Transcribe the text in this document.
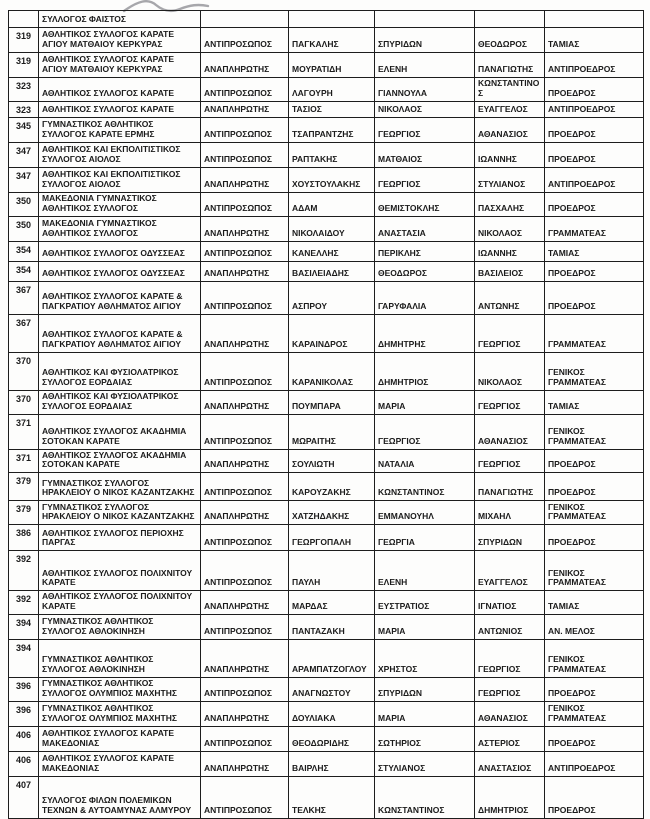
	ΣΥΛΛΟΓΟΣ ΦΑΙΣΤΟΣ					
319	ΑΘΛΗΤΙΚΟΣ ΣΥΛΛΟΓΟΣ ΚΑΡΑΤΕ ΑΓΙΟΥ ΜΑΤΘΑΙΟΥ ΚΕΡΚΥΡΑΣ	ΑΝΤΙΠΡΟΣΩΠΟΣ	ΠΑΓΚΑΛΗΣ	ΣΠΥΡΙΔΩΝ	ΘΕΟΔΩΡΟΣ	ΤΑΜΙΑΣ
319	ΑΘΛΗΤΙΚΟΣ ΣΥΛΛΟΓΟΣ ΚΑΡΑΤΕ ΑΓΙΟΥ ΜΑΤΘΑΙΟΥ ΚΕΡΚΥΡΑΣ	ΑΝΑΠΛΗΡΩΤΗΣ	ΜΟΥΡΑΤΙΔΗ	ΕΛΕΝΗ	ΠΑΝΑΓΙΩΤΗΣ	ΑΝΤΙΠΡΟΕΔΡΟΣ
323	ΑΘΛΗΤΙΚΟΣ ΣΥΛΛΟΓΟΣ ΚΑΡΑΤΕ	ΑΝΤΙΠΡΟΣΩΠΟΣ	ΛΑΓΟΥΡΗ	ΓΙΑΝΝΟΥΛΑ	ΚΩΝΣΤΑΝΤΙΝΟΣ	ΠΡΟΕΔΡΟΣ
323	ΑΘΛΗΤΙΚΟΣ ΣΥΛΛΟΓΟΣ ΚΑΡΑΤΕ	ΑΝΑΠΛΗΡΩΤΗΣ	ΤΑΣΙΟΣ	ΝΙΚΟΛΑΟΣ	ΕΥΑΓΓΕΛΟΣ	ΑΝΤΙΠΡΟΕΔΡΟΣ
345	ΓΥΜΝΑΣΤΙΚΟΣ ΑΘΛΗΤΙΚΟΣ ΣΥΛΛΟΓΟΣ ΚΑΡΑΤΕ ΕΡΜΗΣ	ΑΝΤΙΠΡΟΣΩΠΟΣ	ΤΣΑΠΡΑΝΤΖΗΣ	ΓΕΩΡΓΙΟΣ	ΑΘΑΝΑΣΙΟΣ	ΠΡΟΕΔΡΟΣ
347	ΑΘΛΗΤΙΚΟΣ ΚΑΙ ΕΚΠΟΛΙΤΙΣΤΙΚΟΣ ΣΥΛΛΟΓΟΣ ΑΙΟΛΟΣ	ΑΝΤΙΠΡΟΣΩΠΟΣ	ΡΑΠΤΑΚΗΣ	ΜΑΤΘΑΙΟΣ	ΙΩΑΝΝΗΣ	ΠΡΟΕΔΡΟΣ
347	ΑΘΛΗΤΙΚΟΣ ΚΑΙ ΕΚΠΟΛΙΤΙΣΤΙΚΟΣ ΣΥΛΛΟΓΟΣ ΑΙΟΛΟΣ	ΑΝΑΠΛΗΡΩΤΗΣ	ΧΟΥΣΤΟΥΛΑΚΗΣ	ΓΕΩΡΓΙΟΣ	ΣΤΥΛΙΑΝΟΣ	ΑΝΤΙΠΡΟΕΔΡΟΣ
350	ΜΑΚΕΔΟΝΙΑ ΓΥΜΝΑΣΤΙΚΟΣ ΑΘΛΗΤΙΚΟΣ ΣΥΛΛΟΓΟΣ	ΑΝΤΙΠΡΟΣΩΠΟΣ	ΑΔΑΜ	ΘΕΜΙΣΤΟΚΛΗΣ	ΠΑΣΧΑΛΗΣ	ΠΡΟΕΔΡΟΣ
350	ΜΑΚΕΔΟΝΙΑ ΓΥΜΝΑΣΤΙΚΟΣ ΑΘΛΗΤΙΚΟΣ ΣΥΛΛΟΓΟΣ	ΑΝΑΠΛΗΡΩΤΗΣ	ΝΙΚΟΛΑΙΔΟΥ	ΑΝΑΣΤΑΣΙΑ	ΝΙΚΟΛΑΟΣ	ΓΡΑΜΜΑΤΕΑΣ
354	ΑΘΛΗΤΙΚΟΣ ΣΥΛΛΟΓΟΣ ΟΔΥΣΣΕΑΣ	ΑΝΤΙΠΡΟΣΩΠΟΣ	ΚΑΝΕΛΛΗΣ	ΠΕΡΙΚΛΗΣ	ΙΩΑΝΝΗΣ	ΤΑΜΙΑΣ
354	ΑΘΛΗΤΙΚΟΣ ΣΥΛΛΟΓΟΣ ΟΔΥΣΣΕΑΣ	ΑΝΑΠΛΗΡΩΤΗΣ	ΒΑΣΙΛΕΙΑΔΗΣ	ΘΕΟΔΩΡΟΣ	ΒΑΣΙΛΕΙΟΣ	ΠΡΟΕΔΡΟΣ
367	ΑΘΛΗΤΙΚΟΣ ΣΥΛΛΟΓΟΣ ΚΑΡΑΤΕ & ΠΑΓΚΡΑΤΙΟΥ ΑΘΛΗΜΑΤΟΣ ΑΙΓΙΟΥ	ΑΝΤΙΠΡΟΣΩΠΟΣ	ΑΣΠΡΟΥ	ΓΑΡΥΦΑΛΙΑ	ΑΝΤΩΝΗΣ	ΠΡΟΕΔΡΟΣ
367	ΑΘΛΗΤΙΚΟΣ ΣΥΛΛΟΓΟΣ ΚΑΡΑΤΕ & ΠΑΓΚΡΑΤΙΟΥ ΑΘΛΗΜΑΤΟΣ ΑΙΓΙΟΥ	ΑΝΑΠΛΗΡΩΤΗΣ	ΚΑΡΑΙΝΔΡΟΣ	ΔΗΜΗΤΡΗΣ	ΓΕΩΡΓΙΟΣ	ΓΡΑΜΜΑΤΕΑΣ
370	ΑΘΛΗΤΙΚΟΣ ΚΑΙ ΦΥΣΙΟΛΑΤΡΙΚΟΣ ΣΥΛΛΟΓΟΣ ΕΟΡΔΑΙΑΣ	ΑΝΤΙΠΡΟΣΩΠΟΣ	ΚΑΡΑΝΙΚΟΛΑΣ	ΔΗΜΗΤΡΙΟΣ	ΝΙΚΟΛΑΟΣ	ΓΕΝΙΚΟΣ ΓΡΑΜΜΑΤΕΑΣ
370	ΑΘΛΗΤΙΚΟΣ ΚΑΙ ΦΥΣΙΟΛΑΤΡΙΚΟΣ ΣΥΛΛΟΓΟΣ ΕΟΡΔΑΙΑΣ	ΑΝΑΠΛΗΡΩΤΗΣ	ΠΟΥΜΠΑΡΑ	ΜΑΡΙΑ	ΓΕΩΡΓΙΟΣ	ΤΑΜΙΑΣ
371	ΑΘΛΗΤΙΚΟΣ ΣΥΛΛΟΓΟΣ ΑΚΑΔΗΜΙΑ ΣΟΤΟΚΑΝ ΚΑΡΑΤΕ	ΑΝΤΙΠΡΟΣΩΠΟΣ	ΜΩΡΑΙΤΗΣ	ΓΕΩΡΓΙΟΣ	ΑΘΑΝΑΣΙΟΣ	ΓΕΝΙΚΟΣ ΓΡΑΜΜΑΤΕΑΣ
371	ΑΘΛΗΤΙΚΟΣ ΣΥΛΛΟΓΟΣ ΑΚΑΔΗΜΙΑ ΣΟΤΟΚΑΝ ΚΑΡΑΤΕ	ΑΝΑΠΛΗΡΩΤΗΣ	ΣΟΥΛΙΩΤΗ	ΝΑΤΑΛΙΑ	ΓΕΩΡΓΙΟΣ	ΠΡΟΕΔΡΟΣ
379	ΓΥΜΝΑΣΤΙΚΟΣ ΣΥΛΛΟΓΟΣ ΗΡΑΚΛΕΙΟΥ Ο ΝΙΚΟΣ ΚΑΖΑΝΤΖΑΚΗΣ	ΑΝΤΙΠΡΟΣΩΠΟΣ	ΚΑΡΟΥΖΑΚΗΣ	ΚΩΝΣΤΑΝΤΙΝΟΣ	ΠΑΝΑΓΙΩΤΗΣ	ΠΡΟΕΔΡΟΣ
379	ΓΥΜΝΑΣΤΙΚΟΣ ΣΥΛΛΟΓΟΣ ΗΡΑΚΛΕΙΟΥ Ο ΝΙΚΟΣ ΚΑΖΑΝΤΖΑΚΗΣ	ΑΝΑΠΛΗΡΩΤΗΣ	ΧΑΤΖΗΔΑΚΗΣ	ΕΜΜΑΝΟΥΗΛ	ΜΙΧΑΗΛ	ΓΕΝΙΚΟΣ ΓΡΑΜΜΑΤΕΑΣ
386	ΑΘΛΗΤΙΚΟΣ ΣΥΛΛΟΓΟΣ ΠΕΡΙΟΧΗΣ ΠΑΡΓΑΣ	ΑΝΤΙΠΡΟΣΩΠΟΣ	ΓΕΩΡΓΟΠΑΛΗ	ΓΕΩΡΓΙΑ	ΣΠΥΡΙΔΩΝ	ΠΡΟΕΔΡΟΣ
392	ΑΘΛΗΤΙΚΟΣ ΣΥΛΛΟΓΟΣ ΠΟΛΙΧΝΙΤΟΥ ΚΑΡΑΤΕ	ΑΝΤΙΠΡΟΣΩΠΟΣ	ΠΑΥΛΗ	ΕΛΕΝΗ	ΕΥΑΓΓΕΛΟΣ	ΓΕΝΙΚΟΣ ΓΡΑΜΜΑΤΕΑΣ
392	ΑΘΛΗΤΙΚΟΣ ΣΥΛΛΟΓΟΣ ΠΟΛΙΧΝΙΤΟΥ ΚΑΡΑΤΕ	ΑΝΑΠΛΗΡΩΤΗΣ	ΜΑΡΔΑΣ	ΕΥΣΤΡΑΤΙΟΣ	ΙΓΝΑΤΙΟΣ	ΤΑΜΙΑΣ
394	ΓΥΜΝΑΣΤΙΚΟΣ ΑΘΛΗΤΙΚΟΣ ΣΥΛΛΟΓΟΣ ΑΘΛΟΚΙΝΗΣΗ	ΑΝΤΙΠΡΟΣΩΠΟΣ	ΠΑΝΤΑΖΑΚΗ	ΜΑΡΙΑ	ΑΝΤΩΝΙΟΣ	ΑΝ. ΜΕΛΟΣ
394	ΓΥΜΝΑΣΤΙΚΟΣ ΑΘΛΗΤΙΚΟΣ ΣΥΛΛΟΓΟΣ ΑΘΛΟΚΙΝΗΣΗ	ΑΝΑΠΛΗΡΩΤΗΣ	ΑΡΑΜΠΑΤΖΟΓΛΟΥ	ΧΡΗΣΤΟΣ	ΓΕΩΡΓΙΟΣ	ΓΕΝΙΚΟΣ ΓΡΑΜΜΑΤΕΑΣ
396	ΓΥΜΝΑΣΤΙΚΟΣ ΑΘΛΗΤΙΚΟΣ ΣΥΛΛΟΓΟΣ ΟΛΥΜΠΙΟΣ ΜΑΧΗΤΗΣ	ΑΝΤΙΠΡΟΣΩΠΟΣ	ΑΝΑΓΝΩΣΤΟΥ	ΣΠΥΡΙΔΩΝ	ΓΕΩΡΓΙΟΣ	ΠΡΟΕΔΡΟΣ
396	ΓΥΜΝΑΣΤΙΚΟΣ ΑΘΛΗΤΙΚΟΣ ΣΥΛΛΟΓΟΣ ΟΛΥΜΠΙΟΣ ΜΑΧΗΤΗΣ	ΑΝΑΠΛΗΡΩΤΗΣ	ΔΟΥΛΙΑΚΑ	ΜΑΡΙΑ	ΑΘΑΝΑΣΙΟΣ	ΓΕΝΙΚΟΣ ΓΡΑΜΜΑΤΕΑΣ
406	ΑΘΛΗΤΙΚΟΣ ΣΥΛΛΟΓΟΣ ΚΑΡΑΤΕ ΜΑΚΕΔΟΝΙΑΣ	ΑΝΤΙΠΡΟΣΩΠΟΣ	ΘΕΟΔΩΡΙΔΗΣ	ΣΩΤΗΡΙΟΣ	ΑΣΤΕΡΙΟΣ	ΠΡΟΕΔΡΟΣ
406	ΑΘΛΗΤΙΚΟΣ ΣΥΛΛΟΓΟΣ ΚΑΡΑΤΕ ΜΑΚΕΔΟΝΙΑΣ	ΑΝΑΠΛΗΡΩΤΗΣ	ΒΑΙΡΛΗΣ	ΣΤΥΛΙΑΝΟΣ	ΑΝΑΣΤΑΣΙΟΣ	ΑΝΤΙΠΡΟΕΔΡΟΣ
407	ΣΥΛΛΟΓΟΣ ΦΙΛΩΝ ΠΟΛΕΜΙΚΩΝ ΤΕΧΝΩΝ & ΑΥΤΟΑΜΥΝΑΣ ΑΛΜΥΡΟΥ	ΑΝΤΙΠΡΟΣΩΠΟΣ	ΤΕΛΚΗΣ	ΚΩΝΣΤΑΝΤΙΝΟΣ	ΔΗΜΗΤΡΙΟΣ	ΠΡΟΕΔΡΟΣ
